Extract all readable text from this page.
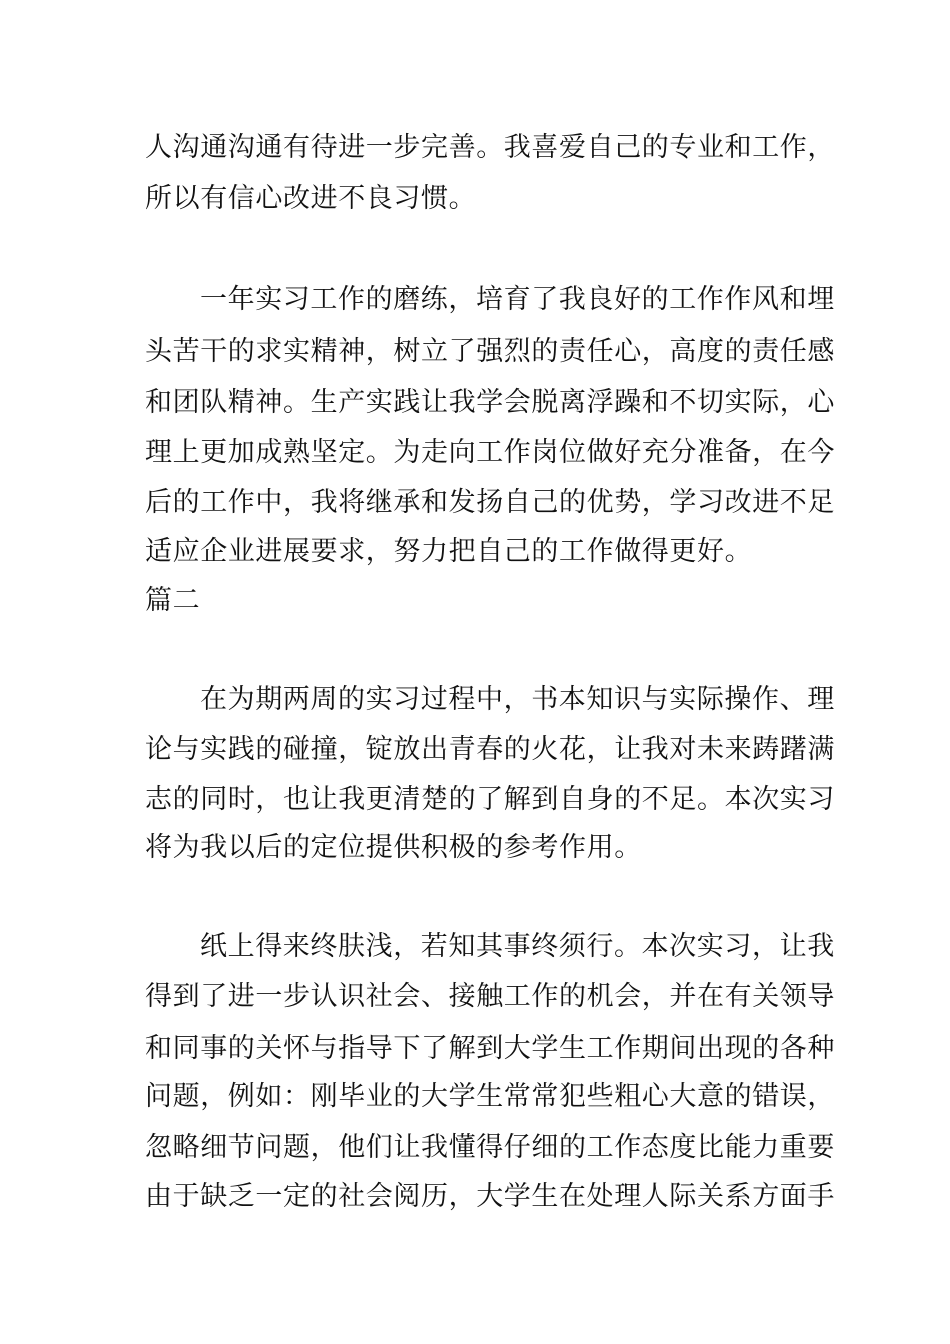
人沟通沟通有待进一步完善。我喜爱自己的专业和工作，
所以有信心改进不良习惯。
一年实习工作的磨练，培育了我良好的工作作风和埋
头苦干的求实精神，树立了强烈的责任心，高度的责任感
和团队精神。生产实践让我学会脱离浮躁和不切实际，心
理上更加成熟坚定。为走向工作岗位做好充分准备，在今
后的工作中，我将继承和发扬自己的优势，学习改进不足
适应企业进展要求，努力把自己的工作做得更好。
篇二
在为期两周的实习过程中，书本知识与实际操作、理
论与实践的碰撞，锭放出青春的火花，让我对未来踌躇满
志的同时，也让我更清楚的了解到自身的不足。本次实习
将为我以后的定位提供积极的参考作用。
纸上得来终肤浅，若知其事终须行。本次实习，让我
得到了进一步认识社会、接触工作的机会，并在有关领导
和同事的关怀与指导下了解到大学生工作期间出现的各种
问题，例如：刚毕业的大学生常常犯些粗心大意的错误，
忽略细节问题，他们让我懂得仔细的工作态度比能力重要
由于缺乏一定的社会阅历，大学生在处理人际关系方面手
